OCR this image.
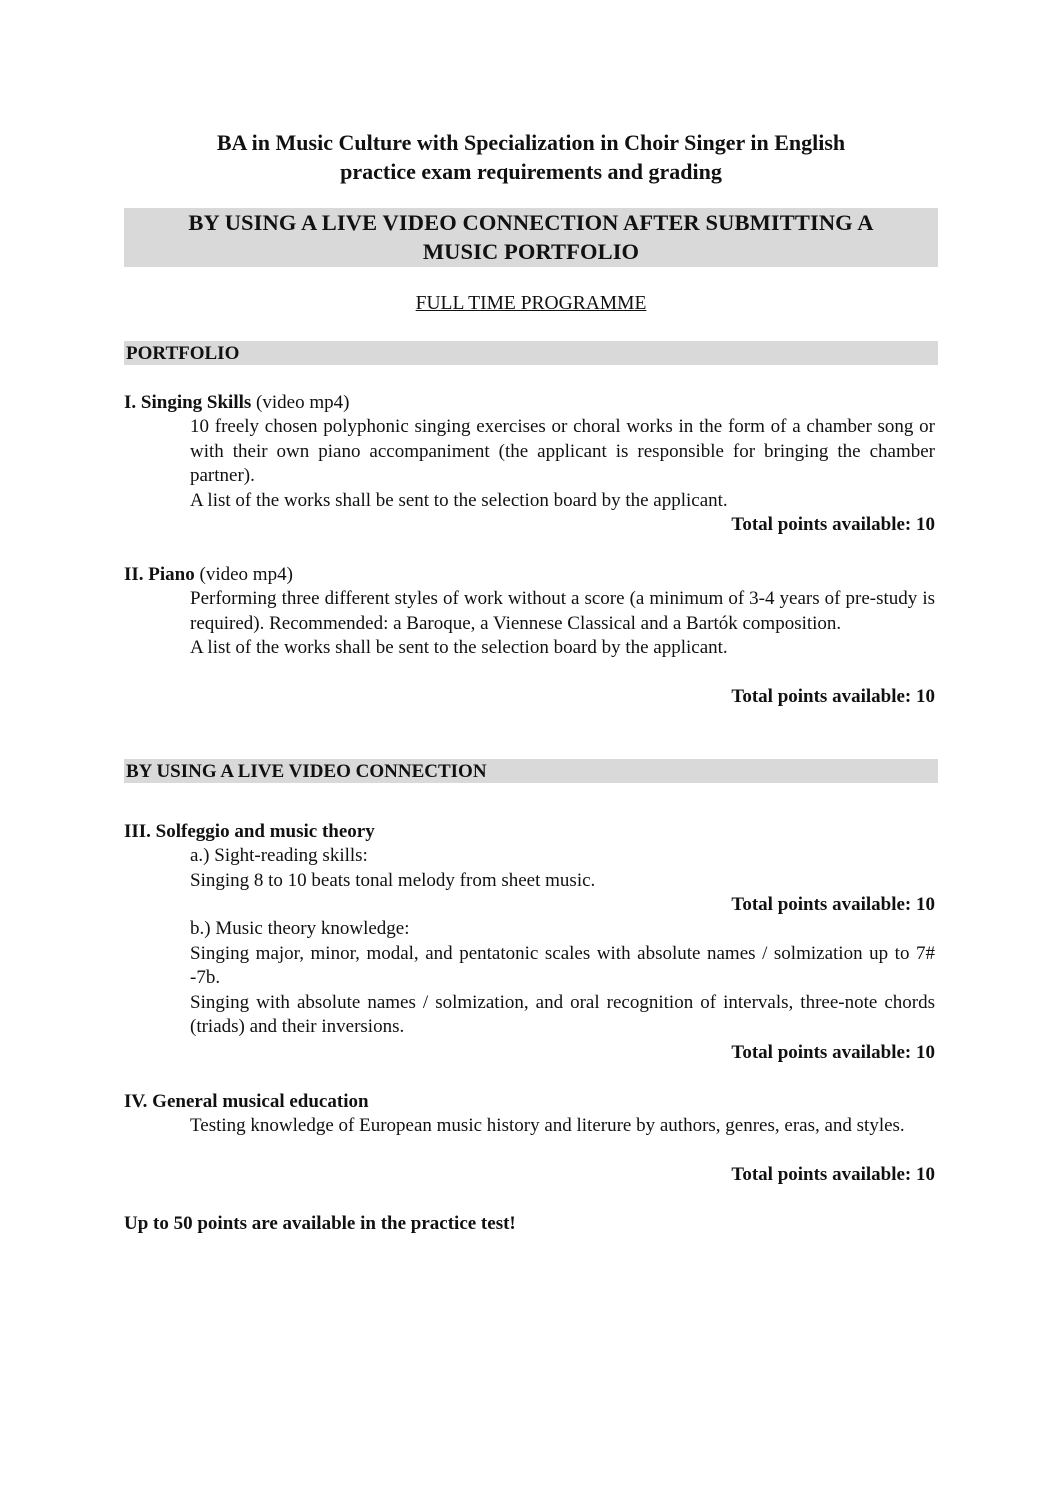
BA in Music Culture with Specialization in Choir Singer in English
practice exam requirements and grading
BY USING A LIVE VIDEO CONNECTION AFTER SUBMITTING A
MUSIC PORTFOLIO
FULL TIME PROGRAMME
PORTFOLIO
I. Singing Skills (video mp4)

10 freely chosen polyphonic singing exercises or choral works in the form of a chamber song or with their own piano accompaniment (the applicant is responsible for bringing the chamber partner).

A list of the works shall be sent to the selection board by the applicant.

Total points available: 10
II. Piano (video mp4)

Performing three different styles of work without a score (a minimum of 3-4 years of pre-study is required). Recommended: a Baroque, a Viennese Classical and a Bartók composition.

A list of the works shall be sent to the selection board by the applicant.

Total points available: 10
BY USING A LIVE VIDEO CONNECTION
III. Solfeggio and music theory

a.) Sight-reading skills:

Singing 8 to 10 beats tonal melody from sheet music.

Total points available: 10

b.) Music theory knowledge:

Singing major, minor, modal, and pentatonic scales with absolute names / solmization up to 7# -7b.

Singing with absolute names / solmization, and oral recognition of intervals, three-note chords (triads) and their inversions.

Total points available: 10
IV. General musical education

Testing knowledge of European music history and literure by authors, genres, eras, and styles.

Total points available: 10
Up to 50 points are available in the practice test!
